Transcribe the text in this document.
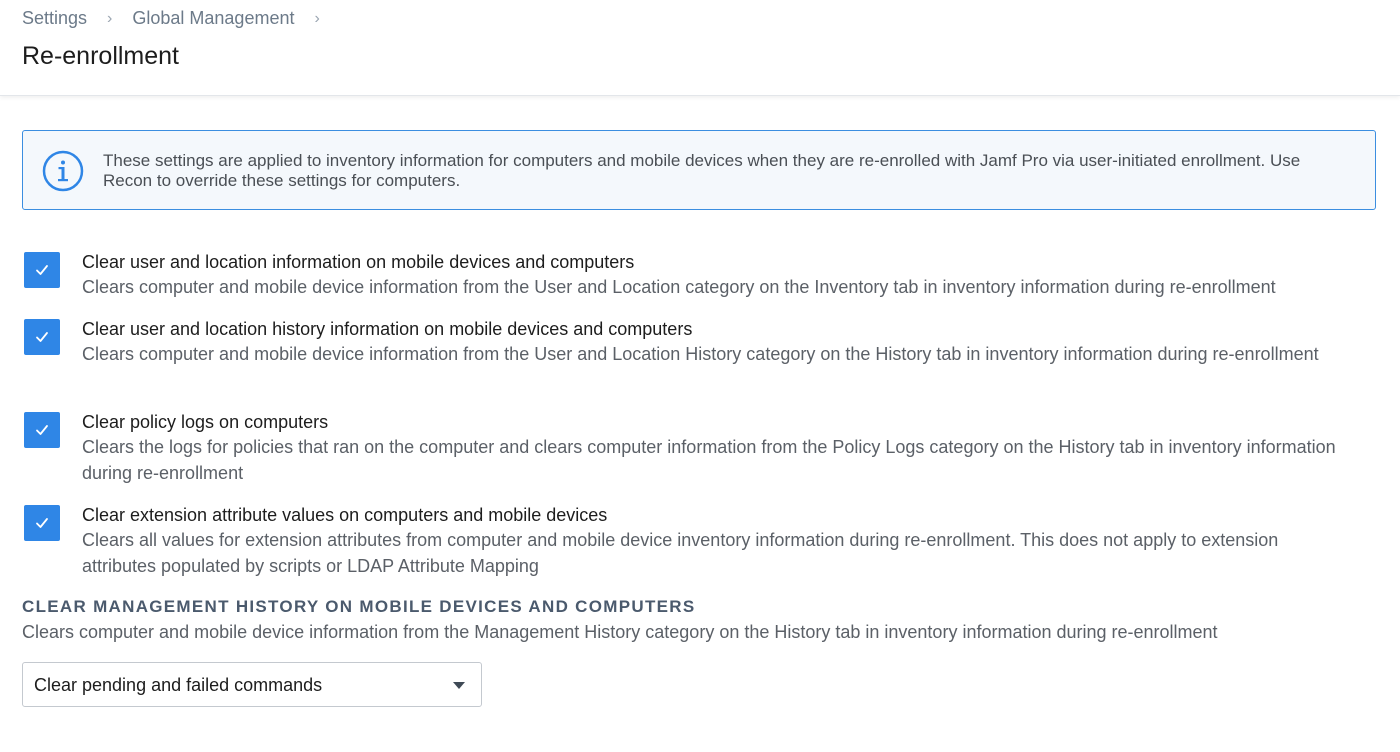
Settings › Global Management ›
Re-enrollment
These settings are applied to inventory information for computers and mobile devices when they are re-enrolled with Jamf Pro via user-initiated enrollment. Use Recon to override these settings for computers.
Clear user and location information on mobile devices and computers
Clears computer and mobile device information from the User and Location category on the Inventory tab in inventory information during re-enrollment
Clear user and location history information on mobile devices and computers
Clears computer and mobile device information from the User and Location History category on the History tab in inventory information during re-enrollment
Clear policy logs on computers
Clears the logs for policies that ran on the computer and clears computer information from the Policy Logs category on the History tab in inventory information during re-enrollment
Clear extension attribute values on computers and mobile devices
Clears all values for extension attributes from computer and mobile device inventory information during re-enrollment. This does not apply to extension attributes populated by scripts or LDAP Attribute Mapping
CLEAR MANAGEMENT HISTORY ON MOBILE DEVICES AND COMPUTERS
Clears computer and mobile device information from the Management History category on the History tab in inventory information during re-enrollment
Clear pending and failed commands
